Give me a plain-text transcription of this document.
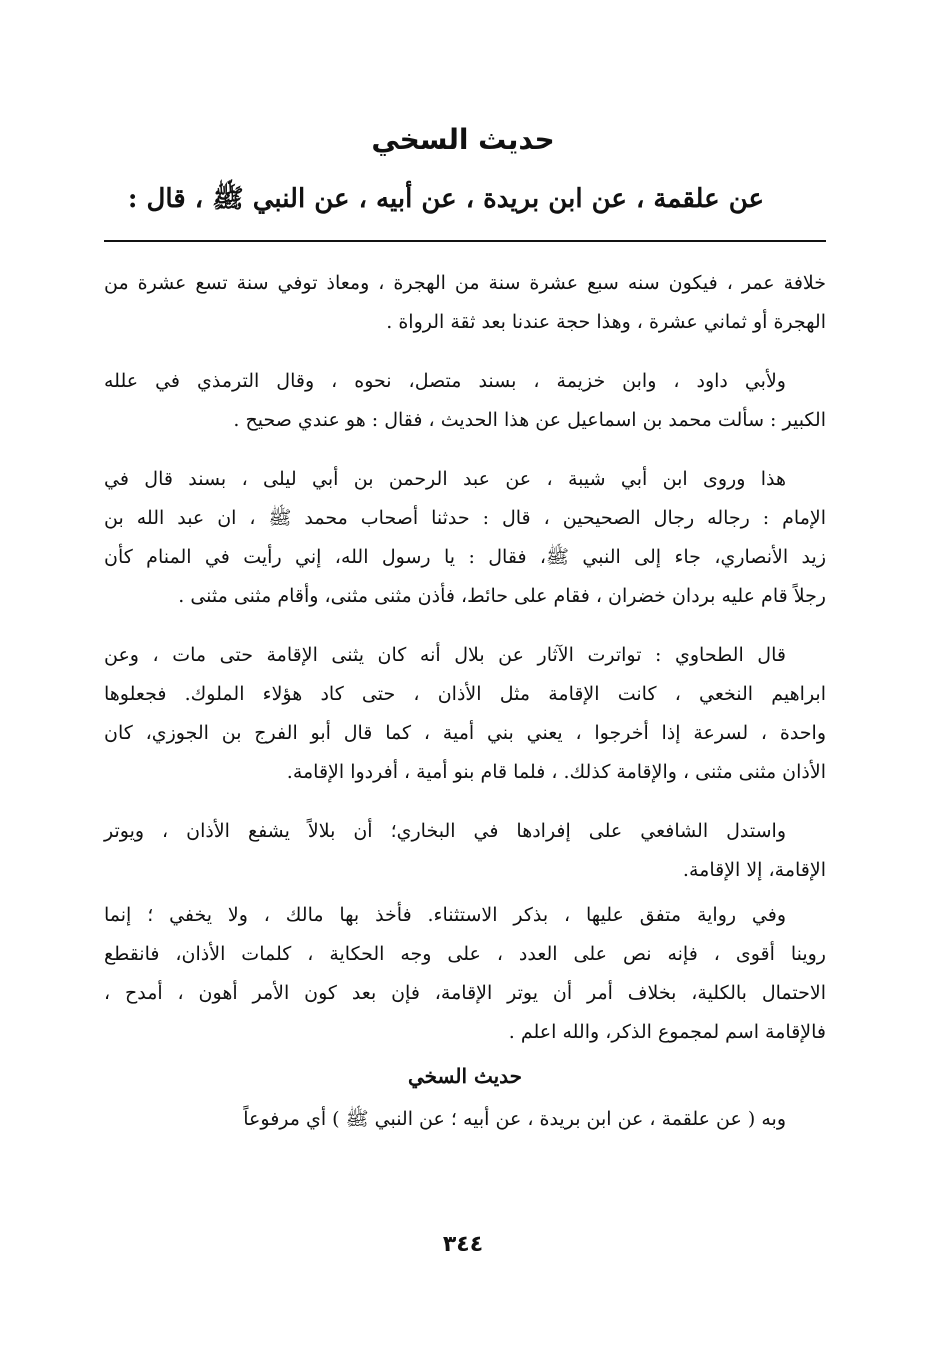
حديث السخي
عن علقمة ، عن ابن بريدة ، عن أبيه ، عن النبي ﷺ ، قال :
خلافة عمر ، فيكون سنه سبع عشرة سنة من الهجرة ، ومعاذ توفي سنة تسع عشرة من
الهجرة أو ثماني عشرة ، وهذا حجة عندنا بعد ثقة الرواة .
ولأبي داود ، وابن خزيمة ، بسند متصل، نحوه ، وقال الترمذي في علله
الكبير : سألت محمد بن اسماعيل عن هذا الحديث ، فقال : هو عندي صحيح .
هذا وروى ابن أبي شيبة ، عن عبد الرحمن بن أبي ليلى ، بسند قال في
الإمام : رجاله رجال الصحيحين ، قال : حدثنا أصحاب محمد ﷺ ، ان عبد الله بن
زيد الأنصاري، جاء إلى النبي ﷺ، فقال : يا رسول الله، إني رأيت في المنام كأن
رجلاً قام عليه بردان خضران ، فقام على حائط، فأذن مثنى مثنى، وأقام مثنى مثنى .
قال الطحاوي : تواترت الآثار عن بلال أنه كان يثنى الإقامة حتى مات ، وعن
ابراهيم النخعي ، كانت الإقامة مثل الأذان ، حتى كاد هؤلاء الملوك. فجعلوها
واحدة ، لسرعة إذا أخرجوا ، يعني بني أمية ، كما قال أبو الفرج بن الجوزي، كان
الأذان مثنى مثنى ، والإقامة كذلك. ، فلما قام بنو أمية ، أفردوا الإقامة.
واستدل الشافعي على إفرادها في البخاري؛ أن بلالاً يشفع الأذان ، ويوتر
الإقامة، إلا الإقامة.
وفي رواية متفق عليها ، بذكر الاستثناء. فأخذ بها مالك ، ولا يخفي ؛ إنما
روينا أقوى ، فإنه نص على العدد ، على وجه الحكاية ، كلمات الأذان، فانقطع
الاحتمال بالكلية، بخلاف أمر أن يوتر الإقامة، فإن بعد كون الأمر أهون ، أمدح ،
فالإقامة اسم لمجموع الذكر، والله اعلم .
حديث السخي
وبه ( عن علقمة ، عن ابن بريدة ، عن أبيه ؛ عن النبي ﷺ ) أي مرفوعاً
٣٤٤
